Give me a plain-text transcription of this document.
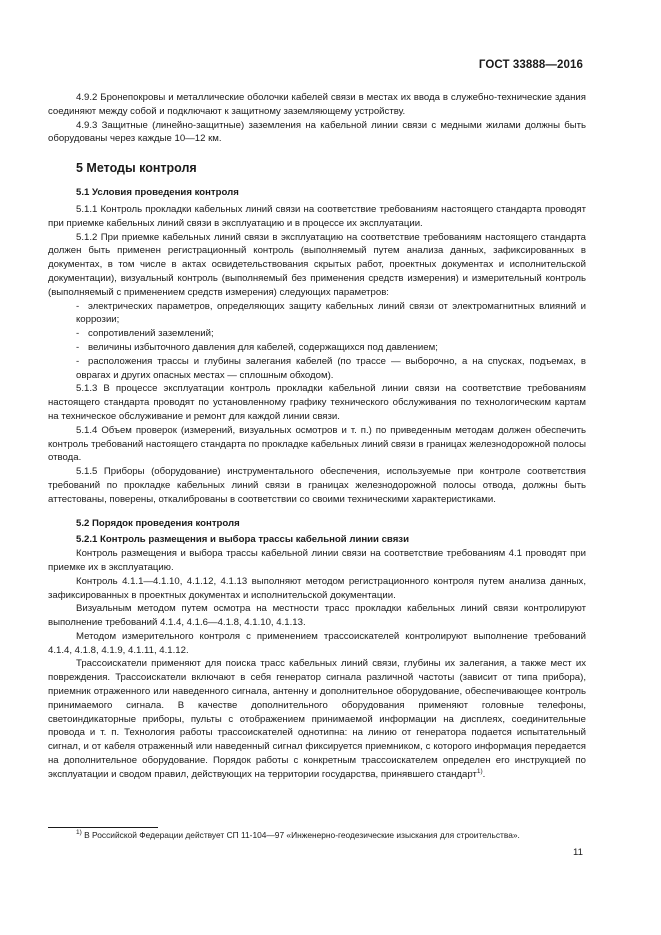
ГОСТ 33888—2016

4.9.2 Бронепокровы и металлические оболочки кабелей связи в местах их ввода в служебно-технические здания соединяют между собой и подключают к защитному заземляющему устройству.

4.9.3 Защитные (линейно-защитные) заземления на кабельной линии связи с медными жилами должны быть оборудованы через каждые 10—12 км.

5 Методы контроля
5.1 Условия проведения контроля

5.1.1 Контроль прокладки кабельных линий связи на соответствие требованиям настоящего стандарта проводят при приемке кабельных линий связи в эксплуатацию и в процессе их эксплуатации.

5.1.2 При приемке кабельных линий связи в эксплуатацию на соответствие требованиям настоящего стандарта должен быть применен регистрационный контроль (выполняемый путем анализа данных, зафиксированных в документах, в том числе в актах освидетельствования скрытых работ, проектных документах и исполнительской документации), визуальный контроль (выполняемый без применения средств измерения) и измерительный контроль (выполняемый с применением средств измерения) следующих параметров:

- электрических параметров, определяющих защиту кабельных линий связи от электромагнитных влияний и коррозии;

- сопротивлений заземлений;

- величины избыточного давления для кабелей, содержащихся под давлением;

- расположения трассы и глубины залегания кабелей (по трассе — выборочно, а на спусках, подъемах, в оврагах и других опасных местах — сплошным обходом).

5.1.3 В процессе эксплуатации контроль прокладки кабельной линии связи на соответствие требованиям настоящего стандарта проводят по установленному графику технического обслуживания по технологическим картам на техническое обслуживание и ремонт для каждой линии связи.

5.1.4 Объем проверок (измерений, визуальных осмотров и т. п.) по приведенным методам должен обеспечить контроль требований настоящего стандарта по прокладке кабельных линий связи в границах железнодорожной полосы отвода.

5.1.5 Приборы (оборудование) инструментального обеспечения, используемые при контроле соответствия требований по прокладке кабельных линий связи в границах железнодорожной полосы отвода, должны быть аттестованы, поверены, откалиброваны в соответствии со своими техническими характеристиками.

5.2 Порядок проведения контроля
5.2.1 Контроль размещения и выбора трассы кабельной линии связи

Контроль размещения и выбора трассы кабельной линии связи на соответствие требованиям 4.1 проводят при приемке их в эксплуатацию.

Контроль 4.1.1—4.1.10, 4.1.12, 4.1.13 выполняют методом регистрационного контроля путем анализа данных, зафиксированных в проектных документах и исполнительской документации.

Визуальным методом путем осмотра на местности трасс прокладки кабельных линий связи контролируют выполнение требований 4.1.4, 4.1.6—4.1.8, 4.1.10, 4.1.13.

Методом измерительного контроля с применением трассоискателей контролируют выполнение требований 4.1.4, 4.1.8, 4.1.9, 4.1.11, 4.1.12.

Трассоискатели применяют для поиска трасс кабельных линий связи, глубины их залегания, а также мест их повреждения. Трассоискатели включают в себя генератор сигнала различной частоты (зависит от типа прибора), приемник отраженного или наведенного сигнала, антенну и дополнительное оборудование, обеспечивающее контроль принимаемого сигнала. В качестве дополнительного оборудования применяют головные телефоны, светоиндикаторные приборы, пульты с отображением принимаемой информации на дисплеях, соединительные провода и т. п. Технология работы трассоискателей однотипна: на линию от генератора подается испытательный сигнал, и от кабеля отраженный или наведенный сигнал фиксируется приемником, с которого информация передается на дополнительное оборудование. Порядок работы с конкретным трассоискателем определен его инструкцией по эксплуатации и сводом правил, действующих на территории государства, принявшего стандарт$^{1)}$.

$^{1)}$ В Российской Федерации действует СП 11-104—97 «Инженерно-геодезические изыскания для строительства».
11
